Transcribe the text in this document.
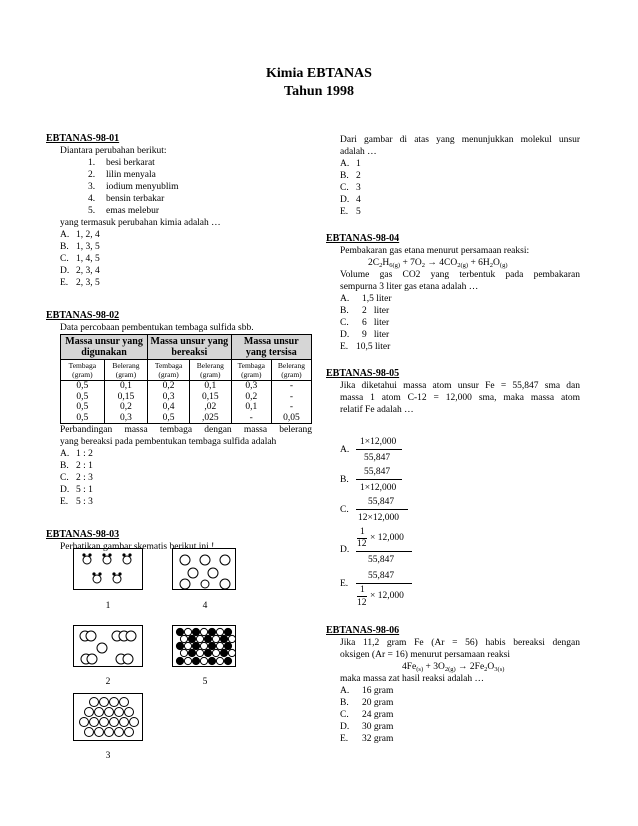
Kimia EBTANAS
Tahun 1998
EBTANAS-98-01
Diantara perubahan berikut:
1.	besi berkarat
2.	lilin menyala
3.	iodium menyublim
4.	bensin terbakar
5.	emas melebur
yang termasuk perubahan kimia adalah …
A. 1, 2, 4
B. 1, 3, 5
C. 1, 4, 5
D. 2, 3, 4
E. 2, 3, 5
EBTANAS-98-02
Data percobaan pembentukan tembaga sulfida sbb.
Massa unsur yang digunakan		Massa unsur yang bereaksi		Massa unsur yang tersisa	
Tembaga (gram)	Belerang (gram)	Tembaga (gram)	Belerang (gram)	Tembaga (gram)	Belerang (gram)
0,5	0,1	0,2	0,1	0,3	-
0,5	0,15	0,3	0,15	0,2	-
0,5	0,2	0,4	,02	0,1	-
0,5	0,3	0,5	,025	-	0,05
Perbandingan massa tembaga dengan massa belerang
yang bereaksi pada pembentukan tembaga sulfida adalah
A. 1 : 2
B. 2 : 1
C. 2 : 3
D. 5 : 1
E. 5 : 3
EBTANAS-98-03
Perhatikan gambar skematis berikut ini !
1	4
2	5
3
Dari gambar di atas yang menunjukkan molekul unsur
adalah …
A. 1
B. 2
C. 3
D. 4
E. 5
EBTANAS-98-04
Pembakaran gas etana menurut persamaan reaksi:
$2C_2H_{6(g)} + 7O_2 \to 4CO_{2(g)} + 6H_2O_{(g)}$
Volume gas CO2 yang terbentuk pada pembakaran
sempurna 3 liter gas etana adalah …
A.	1,5 liter
B.	2   liter
C.	6   liter
D.	9   liter
E. 10,5 liter
EBTANAS-98-05
Jika diketahui massa atom unsur Fe = 55,847 sma dan
massa 1 atom C-12 = 12,000 sma, maka massa atom
relatif Fe adalah …
A.
1×12,000
55,847
B.
55,847
1×12,000
C.
55,847
12×12,000
D.
1
12
× 12,000
55,847
E.
55,847
1
12
× 12,000
EBTANAS-98-06
Jika 11,2 gram Fe (Ar = 56) habis bereaksi dengan
oksigen (Ar = 16) menurut persamaan reaksi
$4Fe_{(s)} + 3O_{2(g)} \to 2Fe_2O_{3(s)}$
maka massa zat hasil reaksi adalah …
A.	16 gram
B.	20 gram
C.	24 gram
D.	30 gram
E.	32 gram
